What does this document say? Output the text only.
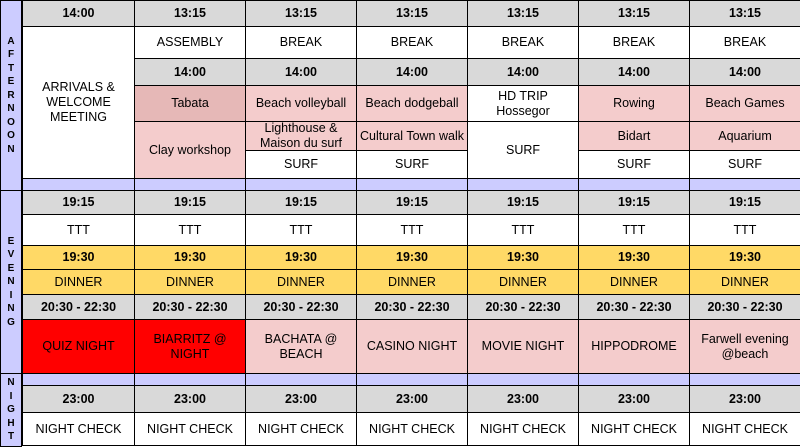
14:00
ARRIVALS & WELCOME MEETING
19:15
TTT
19:30
DINNER
20:30 - 22:30
QUIZ NIGHT
23:00
NIGHT CHECK
13:15
ASSEMBLY
14:00
Tabata
Clay workshop
19:15
TTT
19:30
DINNER
20:30 - 22:30
BIARRITZ @ NIGHT
23:00
NIGHT CHECK
13:15
BREAK
14:00
Beach volleyball
Lighthouse & Maison du surf
SURF
19:15
TTT
19:30
DINNER
20:30 - 22:30
BACHATA @ BEACH
23:00
NIGHT CHECK
13:15
BREAK
14:00
Beach dodgeball
Cultural Town walk
SURF
19:15
TTT
19:30
DINNER
20:30 - 22:30
CASINO NIGHT
23:00
NIGHT CHECK
13:15
BREAK
14:00
HD TRIP Hossegor
SURF
19:15
TTT
19:30
DINNER
20:30 - 22:30
MOVIE NIGHT
23:00
NIGHT CHECK
13:15
BREAK
14:00
Rowing
Bidart
SURF
19:15
TTT
19:30
DINNER
20:30 - 22:30
HIPPODROME
23:00
NIGHT CHECK
13:15
BREAK
14:00
Beach Games
Aquarium
SURF
19:15
TTT
19:30
DINNER
20:30 - 22:30
Farwell evening @beach
23:00
NIGHT CHECK
A
F
T
E
R
N
O
O
N
E
V
E
N
I
N
G
N
I
G
H
T
